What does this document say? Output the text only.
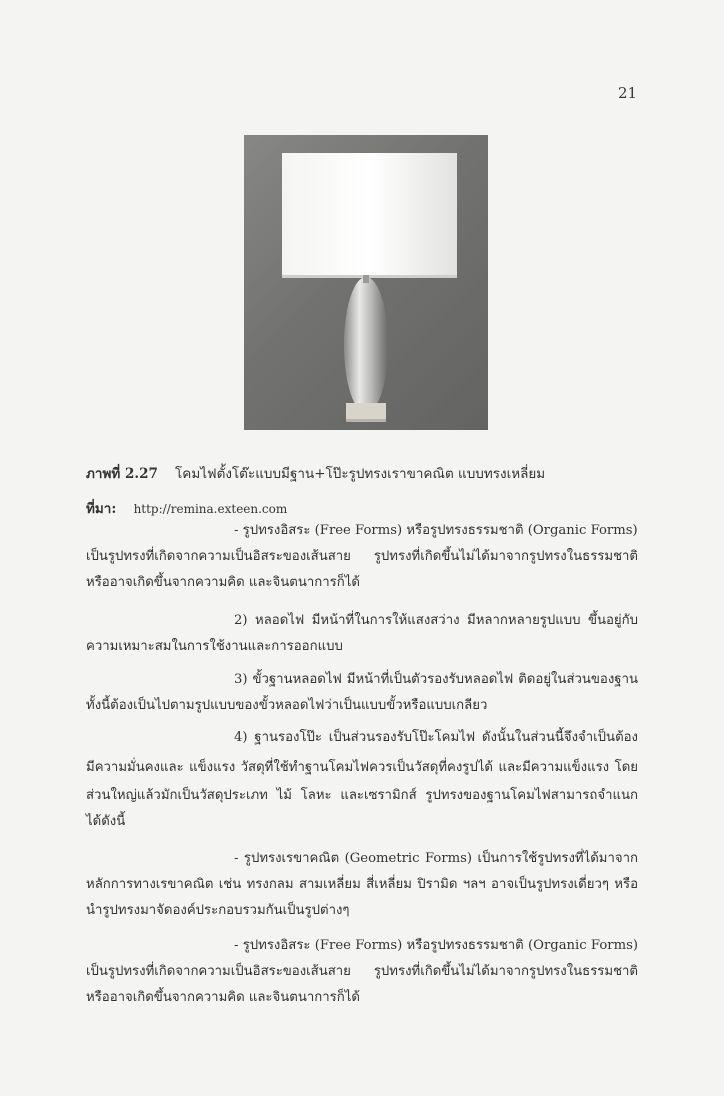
21
ภาพที่ 2.27 โคมไฟตั้งโต๊ะแบบมีฐาน+โป๊ะรูปทรงเราขาคณิต แบบทรงเหลี่ยม
ที่มา: http://remina.exteen.com
- รูปทรงอิสระ (Free Forms) หรือรูปทรงธรรมชาติ (Organic Forms)
เป็นรูปทรงที่เกิดจากความเป็นอิสระของเส้นสาย รูปทรงที่เกิดขึ้นไม่ได้มาจากรูปทรงในธรรมชาติ
หรืออาจเกิดขึ้นจากความคิด และจินตนาการก็ได้
2) หลอดไฟ มีหน้าที่ในการให้แสงสว่าง มีหลากหลายรูปแบบ ขึ้นอยู่กับ
ความเหมาะสมในการใช้งานและการออกแบบ
3) ขั้วฐานหลอดไฟ มีหน้าที่เป็นตัวรองรับหลอดไฟ ติดอยู่ในส่วนของฐาน
ทั้งนี้ต้องเป็นไปตามรูปแบบของขั้วหลอดไฟว่าเป็นแบบขั้วหรือแบบเกลียว
4) ฐานรองโป๊ะ เป็นส่วนรองรับโป๊ะโคมไฟ ดังนั้นในส่วนนี้จึงจำเป็นต้อง
มีความมั่นคงและ แข็งแรง วัสดุที่ใช้ทำฐานโคมไฟควรเป็นวัสดุที่คงรูปได้ และมีความแข็งแรง โดย
ส่วนใหญ่แล้วมักเป็นวัสดุประเภท ไม้ โลหะ และเซรามิกส์ รูปทรงของฐานโคมไฟสามารถจำแนก
ได้ดังนี้
- รูปทรงเรขาคณิต (Geometric Forms) เป็นการใช้รูปทรงที่ได้มาจาก
หลักการทางเรขาคณิต เช่น ทรงกลม สามเหลี่ยม สี่เหลี่ยม ปิรามิด ฯลฯ อาจเป็นรูปทรงเดี่ยวๆ หรือ
นำรูปทรงมาจัดองค์ประกอบรวมกันเป็นรูปต่างๆ
- รูปทรงอิสระ (Free Forms) หรือรูปทรงธรรมชาติ (Organic Forms)
เป็นรูปทรงที่เกิดจากความเป็นอิสระของเส้นสาย รูปทรงที่เกิดขึ้นไม่ได้มาจากรูปทรงในธรรมชาติ
หรืออาจเกิดขึ้นจากความคิด และจินตนาการก็ได้
